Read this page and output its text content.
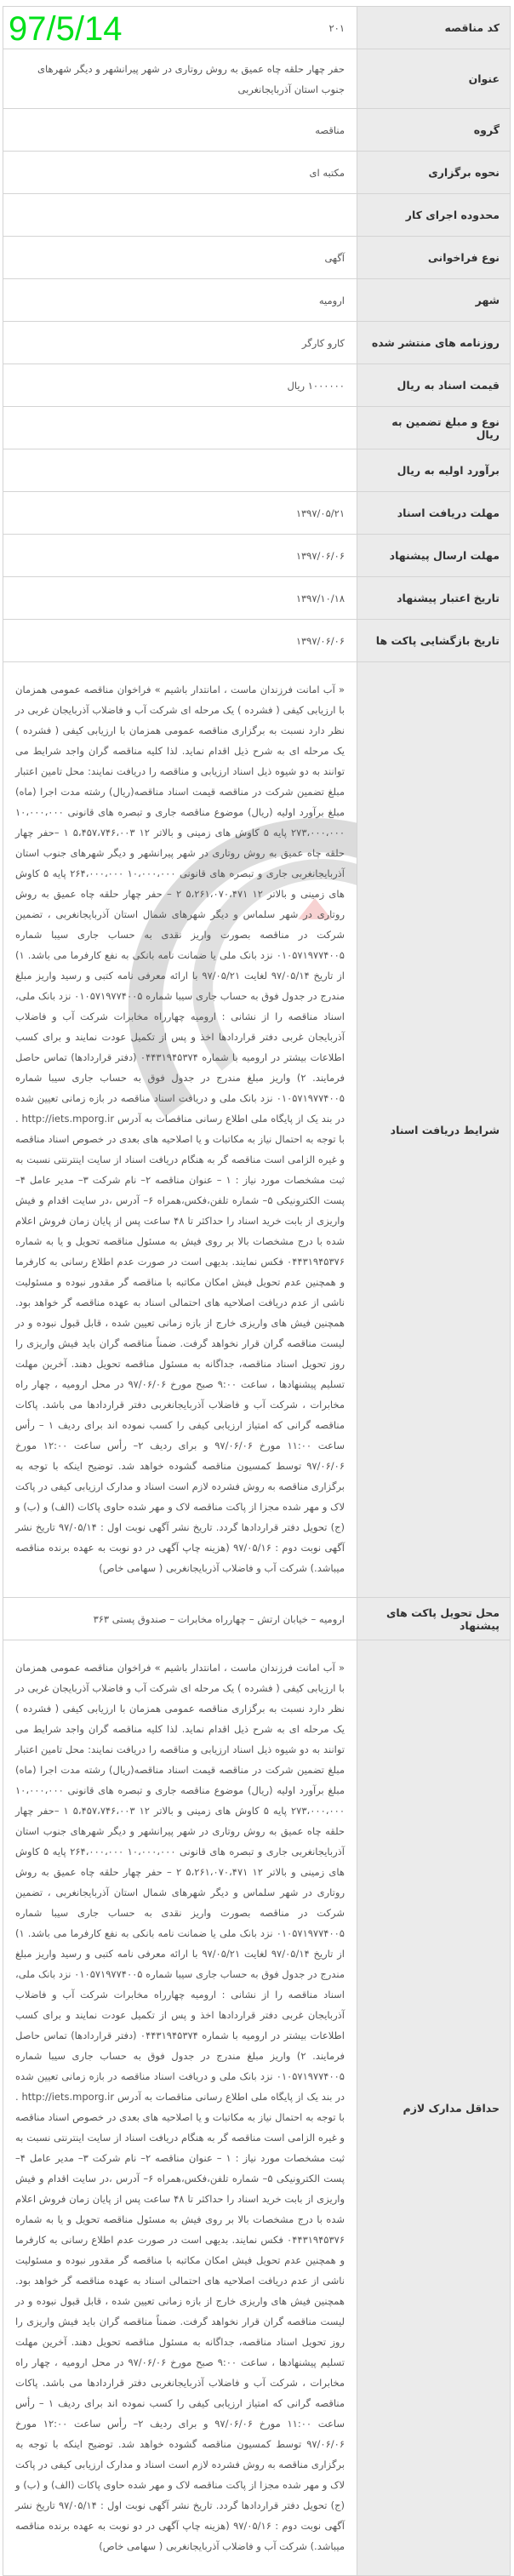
97/5/14	کد مناقصه	۲۰۱
عنوان	حفر چهار حلقه چاه عمیق به روش روتاری در شهر پیرانشهر و دیگر شهرهای جنوب استان آذربایجانغربی
گروه	مناقصه
نحوه برگزاری	مکتبه ای
محدوده اجرای کار	
نوع فراخوانی	آگهی
شهر	ارومیه
روزنامه های منتشر شده	کارو کارگر
قیمت اسناد به ریال	۱۰۰۰۰۰۰ ریال
نوع و مبلغ تضمین به ریال	
برآورد اولیه به ریال	
مهلت دریافت اسناد	۱۳۹۷/۰۵/۲۱
مهلت ارسال پیشنهاد	۱۳۹۷/۰۶/۰۶
تاریخ اعتبار پیشنهاد	۱۳۹۷/۱۰/۱۸
تاریخ بازگشایی پاکت ها	۱۳۹۷/۰۶/۰۶
شرایط دریافت اسناد	« آب امانت فرزندان ماست ، امانتدار باشیم » فراخوان مناقصه عمومی همزمان با ارزیابی کیفی ( فشرده ) یک مرحله ای شرکت آب و فاضلاب آذربایجان غربی در نظر دارد نسبت به برگزاری مناقصه عمومی همزمان با ارزیابی کیفی ( فشرده ) یک مرحله ای به شرح ذیل اقدام نماید. لذا کلیه مناقصه گران واجد شرایط می توانند به دو شیوه ذیل اسناد ارزیابی و مناقصه را دریافت نمایند: محل تامین اعتبار مبلغ تضمین شرکت در مناقصه قیمت اسناد مناقصه(ریال) رشته مدت اجرا (ماه) مبلغ برآورد اولیه (ریال) موضوع مناقصه جاری و تبصره های قانونی ۱۰،۰۰۰،۰۰۰ ۲۷۳،۰۰۰،۰۰۰ پایه ۵ کاوش های زمینی و بالاتر ۱۲ ۵،۴۵۷،۷۴۶،۰۰۳ ۱ –حفر چهار حلقه چاه عمیق به روش روتاری در شهر پیرانشهر و دیگر شهرهای جنوب استان آذربایجانغربی جاری و تبصره های قانونی ۱۰،۰۰۰،۰۰۰ ۲۶۴،۰۰۰،۰۰۰ پایه ۵ کاوش های زمینی و بالاتر ۱۲ ۵،۲۶۱،۰۷۰،۴۷۱ ۲ – حفر چهار حلقه چاه عمیق به روش روتاری در شهر سلماس و دیگر شهرهای شمال استان آذربایجانغربی ، تضمین شرکت در مناقصه بصورت واریز نقدی به حساب جاری سیبا شماره ۰۱۰۵۷۱۹۷۷۴۰۰۵ نزد بانک ملی یا ضمانت نامه بانکی به نفع کارفرما می باشد. ۱) از تاریخ ۹۷/۰۵/۱۴ لغایت ۹۷/۰۵/۲۱ با ارائه معرفی نامه کتبی و رسید واریز مبلغ مندرج در جدول فوق به حساب جاری سیبا شماره ۰۱۰۵۷۱۹۷۷۴۰۰۵ نزد بانک ملی، اسناد مناقصه را از نشانی : ارومیه چهارراه مخابرات شرکت آب و فاضلاب آذربایجان غربی دفتر قراردادها اخذ و پس از تکمیل عودت نمایند و برای کسب اطلاعات بیشتر در ارومیه با شماره ۰۴۴۳۱۹۴۵۳۷۴ (دفتر قراردادها) تماس حاصل فرمایند. ۲) واریز مبلغ مندرج در جدول فوق به حساب جاری سیبا شماره ۰۱۰۵۷۱۹۷۷۴۰۰۵ نزد بانک ملی و دریافت اسناد مناقصه در بازه زمانی تعیین شده در بند یک از پایگاه ملی اطلاع رسانی مناقصات به آدرس http://iets.mporg.ir . با توجه به احتمال نیاز به مکاتبات و یا اصلاحیه های بعدی در خصوص اسناد مناقصه و غیره الزامی است مناقصه گر به هنگام دریافت اسناد از سایت اینترنتی نسبت به ثبت مشخصات مورد نیاز : ۱ – عنوان مناقصه ۲– نام شرکت ۳– مدیر عامل ۴– پست الکترونیکی ۵– شماره تلفن،فکس،همراه ۶– آدرس ،در سایت اقدام و فیش واریزی از بابت خرید اسناد را حداکثر تا ۴۸ ساعت پس از پایان زمان فروش اعلام شده با درج مشخصات بالا بر روی فیش به مسئول مناقصه تحویل و یا به شماره ۰۴۴۳۱۹۴۵۳۷۶ فکس نمایند. بدیهی است در صورت عدم اطلاع رسانی به کارفرما و همچنین عدم تحویل فیش امکان مکاتبه با مناقصه گر مقدور نبوده و مسئولیت ناشی از عدم دریافت اصلاحیه های احتمالی اسناد به عهده مناقصه گر خواهد بود. همچنین فیش های واریزی خارج از بازه زمانی تعیین شده ، قابل قبول نبوده و در لیست مناقصه گران قرار نخواهد گرفت. ضمناً مناقصه گران باید فیش واریزی را روز تحویل اسناد مناقصه، جداگانه به مسئول مناقصه تحویل دهند. آخرین مهلت تسلیم پیشنهادها ، ساعت ۹:۰۰ صبح مورخ ۹۷/۰۶/۰۶ در محل ارومیه ، چهار راه مخابرات ، شرکت آب و فاضلاب آذربایجانغربی دفتر قراردادها می باشد. پاکات مناقصه گرانی که امتیاز ارزیابی کیفی را کسب نموده اند برای ردیف ۱ – رأس ساعت ۱۱:۰۰ مورخ ۹۷/۰۶/۰۶ و برای ردیف ۲– رأس ساعت ۱۲:۰۰ مورخ ۹۷/۰۶/۰۶ توسط کمسیون مناقصه گشوده خواهد شد. توضیح اینکه با توجه به برگزاری مناقصه به روش فشرده لازم است اسناد و مدارک ارزیابی کیفی در پاکت لاک و مهر شده مجزا از پاکت مناقصه لاک و مهر شده حاوی پاکات (الف) و (ب) و (ج) تحویل دفتر قراردادها گردد. تاریخ نشر آگهی نوبت اول : ۹۷/۰۵/۱۴ تاریخ نشر آگهی نوبت دوم : ۹۷/۰۵/۱۶ (هزینه چاپ آگهی در دو نوبت به عهده برنده مناقصه میباشد.) شرکت آب و فاضلاب آذربایجانغربی ( سهامی خاص)
محل تحویل پاکت های پیشنهاد	ارومیه – خیابان ارتش – چهارراه مخابرات – صندوق پستی ۳۶۳
حداقل مدارک لازم	« آب امانت فرزندان ماست ، امانتدار باشیم » فراخوان مناقصه عمومی همزمان با ارزیابی کیفی ( فشرده ) یک مرحله ای شرکت آب و فاضلاب آذربایجان غربی در نظر دارد نسبت به برگزاری مناقصه عمومی همزمان با ارزیابی کیفی ( فشرده ) یک مرحله ای به شرح ذیل اقدام نماید. لذا کلیه مناقصه گران واجد شرایط می توانند به دو شیوه ذیل اسناد ارزیابی و مناقصه را دریافت نمایند: محل تامین اعتبار مبلغ تضمین شرکت در مناقصه قیمت اسناد مناقصه(ریال) رشته مدت اجرا (ماه) مبلغ برآورد اولیه (ریال) موضوع مناقصه جاری و تبصره های قانونی ۱۰،۰۰۰،۰۰۰ ۲۷۳،۰۰۰،۰۰۰ پایه ۵ کاوش های زمینی و بالاتر ۱۲ ۵،۴۵۷،۷۴۶،۰۰۳ ۱ –حفر چهار حلقه چاه عمیق به روش روتاری در شهر پیرانشهر و دیگر شهرهای جنوب استان آذربایجانغربی جاری و تبصره های قانونی ۱۰،۰۰۰،۰۰۰ ۲۶۴،۰۰۰،۰۰۰ پایه ۵ کاوش های زمینی و بالاتر ۱۲ ۵،۲۶۱،۰۷۰،۴۷۱ ۲ – حفر چهار حلقه چاه عمیق به روش روتاری در شهر سلماس و دیگر شهرهای شمال استان آذربایجانغربی ، تضمین شرکت در مناقصه بصورت واریز نقدی به حساب جاری سیبا شماره ۰۱۰۵۷۱۹۷۷۴۰۰۵ نزد بانک ملی یا ضمانت نامه بانکی به نفع کارفرما می باشد. ۱) از تاریخ ۹۷/۰۵/۱۴ لغایت ۹۷/۰۵/۲۱ با ارائه معرفی نامه کتبی و رسید واریز مبلغ مندرج در جدول فوق به حساب جاری سیبا شماره ۰۱۰۵۷۱۹۷۷۴۰۰۵ نزد بانک ملی، اسناد مناقصه را از نشانی : ارومیه چهارراه مخابرات شرکت آب و فاضلاب آذربایجان غربی دفتر قراردادها اخذ و پس از تکمیل عودت نمایند و برای کسب اطلاعات بیشتر در ارومیه با شماره ۰۴۴۳۱۹۴۵۳۷۴ (دفتر قراردادها) تماس حاصل فرمایند. ۲) واریز مبلغ مندرج در جدول فوق به حساب جاری سیبا شماره ۰۱۰۵۷۱۹۷۷۴۰۰۵ نزد بانک ملی و دریافت اسناد مناقصه در بازه زمانی تعیین شده در بند یک از پایگاه ملی اطلاع رسانی مناقصات به آدرس http://iets.mporg.ir . با توجه به احتمال نیاز به مکاتبات و یا اصلاحیه های بعدی در خصوص اسناد مناقصه و غیره الزامی است مناقصه گر به هنگام دریافت اسناد از سایت اینترنتی نسبت به ثبت مشخصات مورد نیاز : ۱ – عنوان مناقصه ۲– نام شرکت ۳– مدیر عامل ۴– پست الکترونیکی ۵– شماره تلفن،فکس،همراه ۶– آدرس ،در سایت اقدام و فیش واریزی از بابت خرید اسناد را حداکثر تا ۴۸ ساعت پس از پایان زمان فروش اعلام شده با درج مشخصات بالا بر روی فیش به مسئول مناقصه تحویل و یا به شماره ۰۴۴۳۱۹۴۵۳۷۶ فکس نمایند. بدیهی است در صورت عدم اطلاع رسانی به کارفرما و همچنین عدم تحویل فیش امکان مکاتبه با مناقصه گر مقدور نبوده و مسئولیت ناشی از عدم دریافت اصلاحیه های احتمالی اسناد به عهده مناقصه گر خواهد بود. همچنین فیش های واریزی خارج از بازه زمانی تعیین شده ، قابل قبول نبوده و در لیست مناقصه گران قرار نخواهد گرفت. ضمناً مناقصه گران باید فیش واریزی را روز تحویل اسناد مناقصه، جداگانه به مسئول مناقصه تحویل دهند. آخرین مهلت تسلیم پیشنهادها ، ساعت ۹:۰۰ صبح مورخ ۹۷/۰۶/۰۶ در محل ارومیه ، چهار راه مخابرات ، شرکت آب و فاضلاب آذربایجانغربی دفتر قراردادها می باشد. پاکات مناقصه گرانی که امتیاز ارزیابی کیفی را کسب نموده اند برای ردیف ۱ – رأس ساعت ۱۱:۰۰ مورخ ۹۷/۰۶/۰۶ و برای ردیف ۲– رأس ساعت ۱۲:۰۰ مورخ ۹۷/۰۶/۰۶ توسط کمسیون مناقصه گشوده خواهد شد. توضیح اینکه با توجه به برگزاری مناقصه به روش فشرده لازم است اسناد و مدارک ارزیابی کیفی در پاکت لاک و مهر شده مجزا از پاکت مناقصه لاک و مهر شده حاوی پاکات (الف) و (ب) و (ج) تحویل دفتر قراردادها گردد. تاریخ نشر آگهی نوبت اول : ۹۷/۰۵/۱۴ تاریخ نشر آگهی نوبت دوم : ۹۷/۰۵/۱۶ (هزینه چاپ آگهی در دو نوبت به عهده برنده مناقصه میباشد.) شرکت آب و فاضلاب آذربایجانغربی ( سهامی خاص)
